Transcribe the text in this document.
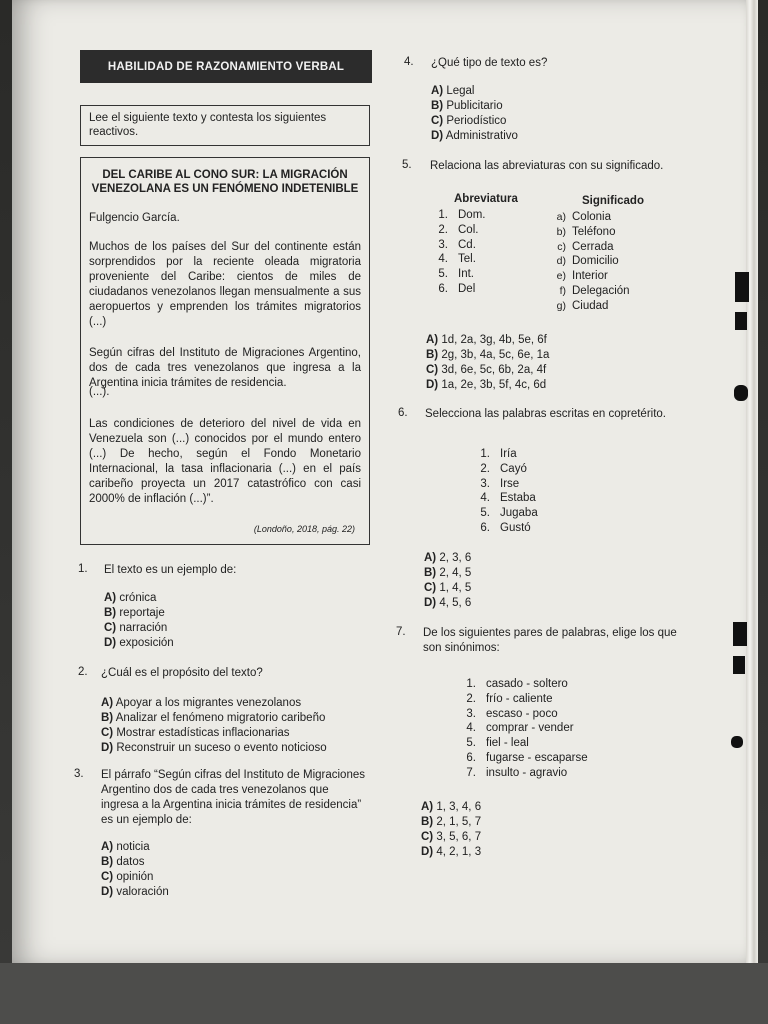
HABILIDAD DE RAZONAMIENTO VERBAL
Lee el siguiente texto y contesta los siguientes reactivos.
DEL CARIBE AL CONO SUR: LA MIGRACIÓN
VENEZOLANA ES UN FENÓMENO INDETENIBLE
Fulgencio García.
Muchos de los países del Sur del continente están sorprendidos por la reciente oleada migratoria proveniente del Caribe: cientos de miles de ciudadanos venezolanos llegan mensualmente a sus aeropuertos y emprenden los trámites migratorios (...)
Según cifras del Instituto de Migraciones Argentino, dos de cada tres venezolanos que ingresa a la Argentina inicia trámites de residencia.
(...).
Las condiciones de deterioro del nivel de vida en Venezuela son (...) conocidos por el mundo entero (...) De hecho, según el Fondo Monetario Internacional, la tasa inflacionaria (...) en el país caribeño proyecta un 2017 catastrófico con casi 2000% de inflación (...)”.
(Londoño, 2018, pág. 22)
1. El texto es un ejemplo de:
A) crónica
B) reportaje
C) narración
D) exposición
2. ¿Cuál es el propósito del texto?
A) Apoyar a los migrantes venezolanos
B) Analizar el fenómeno migratorio caribeño
C) Mostrar estadísticas inflacionarias
D) Reconstruir un suceso o evento noticioso
3. El párrafo “Según cifras del Instituto de Migraciones Argentino dos de cada tres venezolanos que ingresa a la Argentina inicia trámites de residencia” es un ejemplo de:
A) noticia
B) datos
C) opinión
D) valoración
4. ¿Qué tipo de texto es?
A) Legal
B) Publicitario
C) Periodístico
D) Administrativo
5. Relaciona las abreviaturas con su significado.
Abreviatura	Significado
1. Dom.
2. Col.
3. Cd.
4. Tel.
5. Int.
6. Del
a) Colonia
b) Teléfono
c) Cerrada
d) Domicilio
e) Interior
f) Delegación
g) Ciudad
A) 1d, 2a, 3g, 4b, 5e, 6f
B) 2g, 3b, 4a, 5c, 6e, 1a
C) 3d, 6e, 5c, 6b, 2a, 4f
D) 1a, 2e, 3b, 5f, 4c, 6d
6. Selecciona las palabras escritas en copretérito.
1. Iría
2. Cayó
3. Irse
4. Estaba
5. Jugaba
6. Gustó
A) 2, 3, 6
B) 2, 4, 5
C) 1, 4, 5
D) 4, 5, 6
7. De los siguientes pares de palabras, elige los que son sinónimos:
1. casado - soltero
2. frío - caliente
3. escaso - poco
4. comprar - vender
5. fiel - leal
6. fugarse - escaparse
7. insulto - agravio
A) 1, 3, 4, 6
B) 2, 1, 5, 7
C) 3, 5, 6, 7
D) 4, 2, 1, 3
